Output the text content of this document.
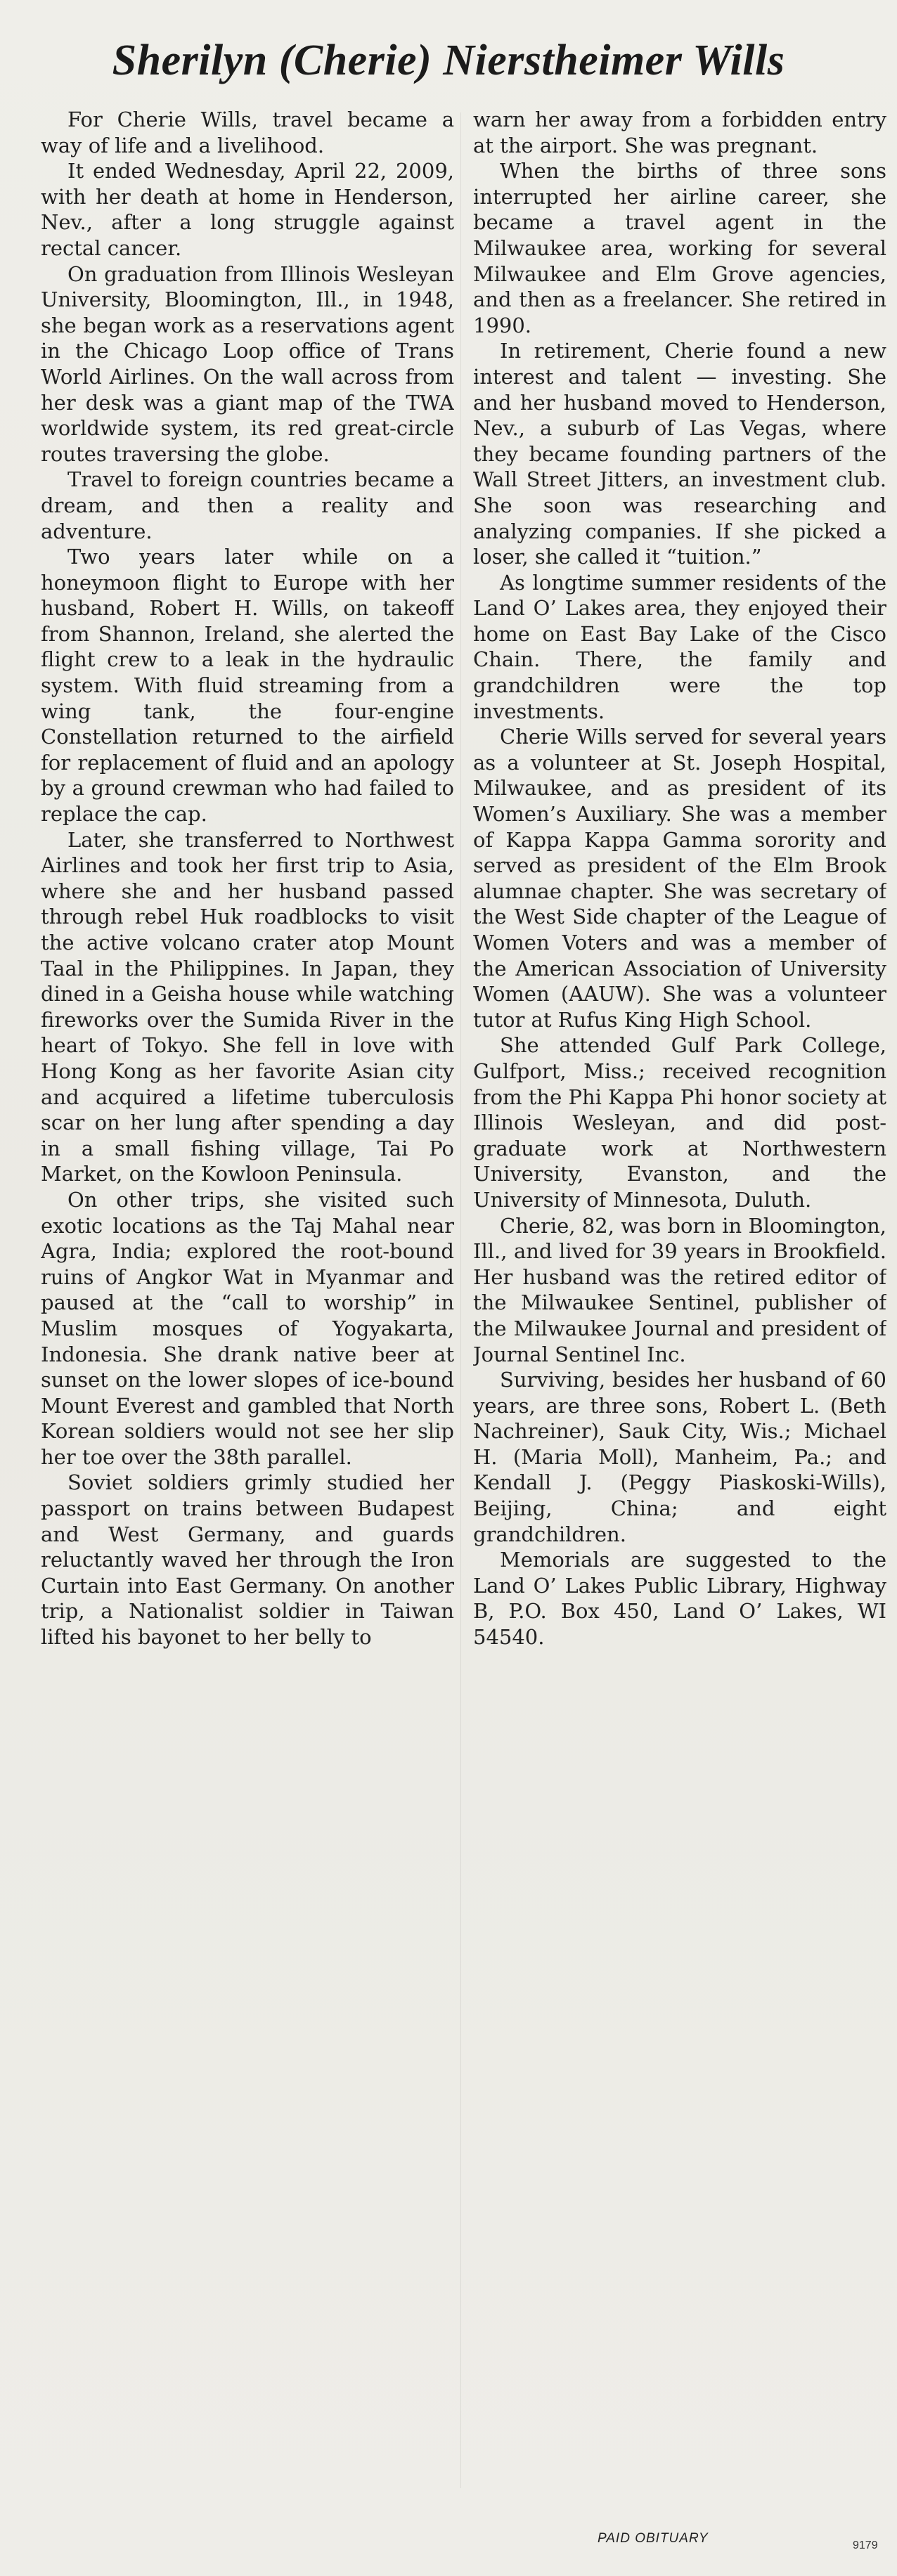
Sherilyn (Cherie) Nierstheimer Wills

For Cherie Wills, travel became a way of life and a livelihood.

It ended Wednesday, April 22, 2009, with her death at home in Henderson, Nev., after a long struggle against rectal cancer.

On graduation from Illinois Wesleyan University, Bloomington, Ill., in 1948, she began work as a reservations agent in the Chicago Loop office of Trans World Airlines. On the wall across from her desk was a giant map of the TWA worldwide system, its red great-circle routes traversing the globe.

Travel to foreign countries became a dream, and then a reality and adventure.

Two years later while on a honeymoon flight to Europe with her husband, Robert H. Wills, on takeoff from Shannon, Ireland, she alerted the flight crew to a leak in the hydraulic system. With fluid streaming from a wing tank, the four-engine Constellation returned to the airfield for replacement of fluid and an apology by a ground crewman who had failed to replace the cap.

Later, she transferred to Northwest Airlines and took her first trip to Asia, where she and her husband passed through rebel Huk roadblocks to visit the active volcano crater atop Mount Taal in the Philippines. In Japan, they dined in a Geisha house while watching fireworks over the Sumida River in the heart of Tokyo. She fell in love with Hong Kong as her favorite Asian city and acquired a lifetime tuberculosis scar on her lung after spending a day in a small fishing village, Tai Po Market, on the Kowloon Peninsula.

On other trips, she visited such exotic locations as the Taj Mahal near Agra, India; explored the root-bound ruins of Angkor Wat in Myanmar and paused at the “call to worship” in Muslim mosques of Yogyakarta, Indonesia. She drank native beer at sunset on the lower slopes of ice-bound Mount Everest and gambled that North Korean soldiers would not see her slip her toe over the 38th parallel.

Soviet soldiers grimly studied her passport on trains between Budapest and West Germany, and guards reluctantly waved her through the Iron Curtain into East Germany. On another trip, a Nationalist soldier in Taiwan lifted his bayonet to her belly to

warn her away from a forbidden entry at the airport. She was pregnant.

When the births of three sons interrupted her airline career, she became a travel agent in the Milwaukee area, working for several Milwaukee and Elm Grove agencies, and then as a freelancer. She retired in 1990.

In retirement, Cherie found a new interest and talent — investing. She and her husband moved to Henderson, Nev., a suburb of Las Vegas, where they became founding partners of the Wall Street Jitters, an investment club. She soon was researching and analyzing companies. If she picked a loser, she called it “tuition.”

As longtime summer residents of the Land O’ Lakes area, they enjoyed their home on East Bay Lake of the Cisco Chain. There, the family and grandchildren were the top investments.

Cherie Wills served for several years as a volunteer at St. Joseph Hospital, Milwaukee, and as president of its Women’s Auxiliary. She was a member of Kappa Kappa Gamma sorority and served as president of the Elm Brook alumnae chapter. She was secretary of the West Side chapter of the League of Women Voters and was a member of the American Association of University Women (AAUW). She was a volunteer tutor at Rufus King High School.

She attended Gulf Park College, Gulfport, Miss.; received recognition from the Phi Kappa Phi honor society at Illinois Wesleyan, and did post-graduate work at Northwestern University, Evanston, and the University of Minnesota, Duluth.

Cherie, 82, was born in Bloomington, Ill., and lived for 39 years in Brookfield. Her husband was the retired editor of the Milwaukee Sentinel, publisher of the Milwaukee Journal and president of Journal Sentinel Inc.

Surviving, besides her husband of 60 years, are three sons, Robert L. (Beth Nachreiner), Sauk City, Wis.; Michael H. (Maria Moll), Manheim, Pa.; and Kendall J. (Peggy Piaskoski-Wills), Beijing, China; and eight grandchildren.

Memorials are suggested to the Land O’ Lakes Public Library, Highway B, P.O. Box 450, Land O’ Lakes, WI 54540.

PAID OBITUARY	9179
